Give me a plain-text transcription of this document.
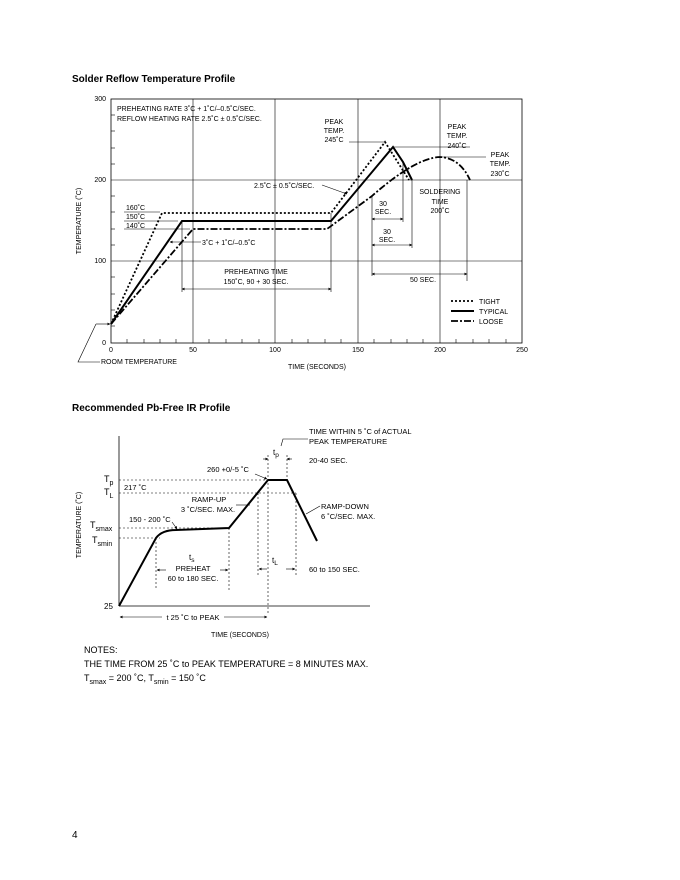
Solder Reflow Temperature Profile
Recommended Pb-Free IR Profile
300
200
100
0
0	50	100	150	200	250
TIME (SECONDS)
TEMPERATURE (˚C)	160˚C
150˚C
140˚C
PREHEATING RATE 3˚C + 1˚C/–0.5˚C/SEC.
REFLOW HEATING RATE 2.5˚C ± 0.5˚C/SEC.	PEAK
TEMP.
245˚C
PEAK
TEMP.
240˚C
PEAK
TEMP.
230˚C
2.5˚C ± 0.5˚C/SEC.
SOLDERING
TIME
200˚C
30
SEC.
30
SEC.
50 SEC.
3˚C + 1˚C/–0.5˚C
PREHEATING TIME
150˚C, 90 + 30 SEC.
TIGHT
TYPICAL
LOOSE
ROOM TEMPERATURE
TEMPERATURE (˚C)
TIME (SECONDS)
$T_p$
$T_L$
$T_{smax}$
$T_{smin}$
25
TIME WITHIN 5 ˚C of ACTUAL
PEAK TEMPERATURE
$t_p$
20-40 SEC.
260 +0/-5 ˚C
217 ˚C
RAMP-UP
3 ˚C/SEC. MAX.	RAMP-DOWN
6 ˚C/SEC. MAX.
150 - 200 ˚C
$t_s$
PREHEAT
60 to 180 SEC.
$t_L$
60 to 150 SEC.
t 25 ˚C to PEAK
NOTES:
THE TIME FROM 25 ˚C to PEAK TEMPERATURE = 8 MINUTES MAX.
$T_{smax} = 200$ ˚C, $T_{smin} = 150$ ˚C
4
